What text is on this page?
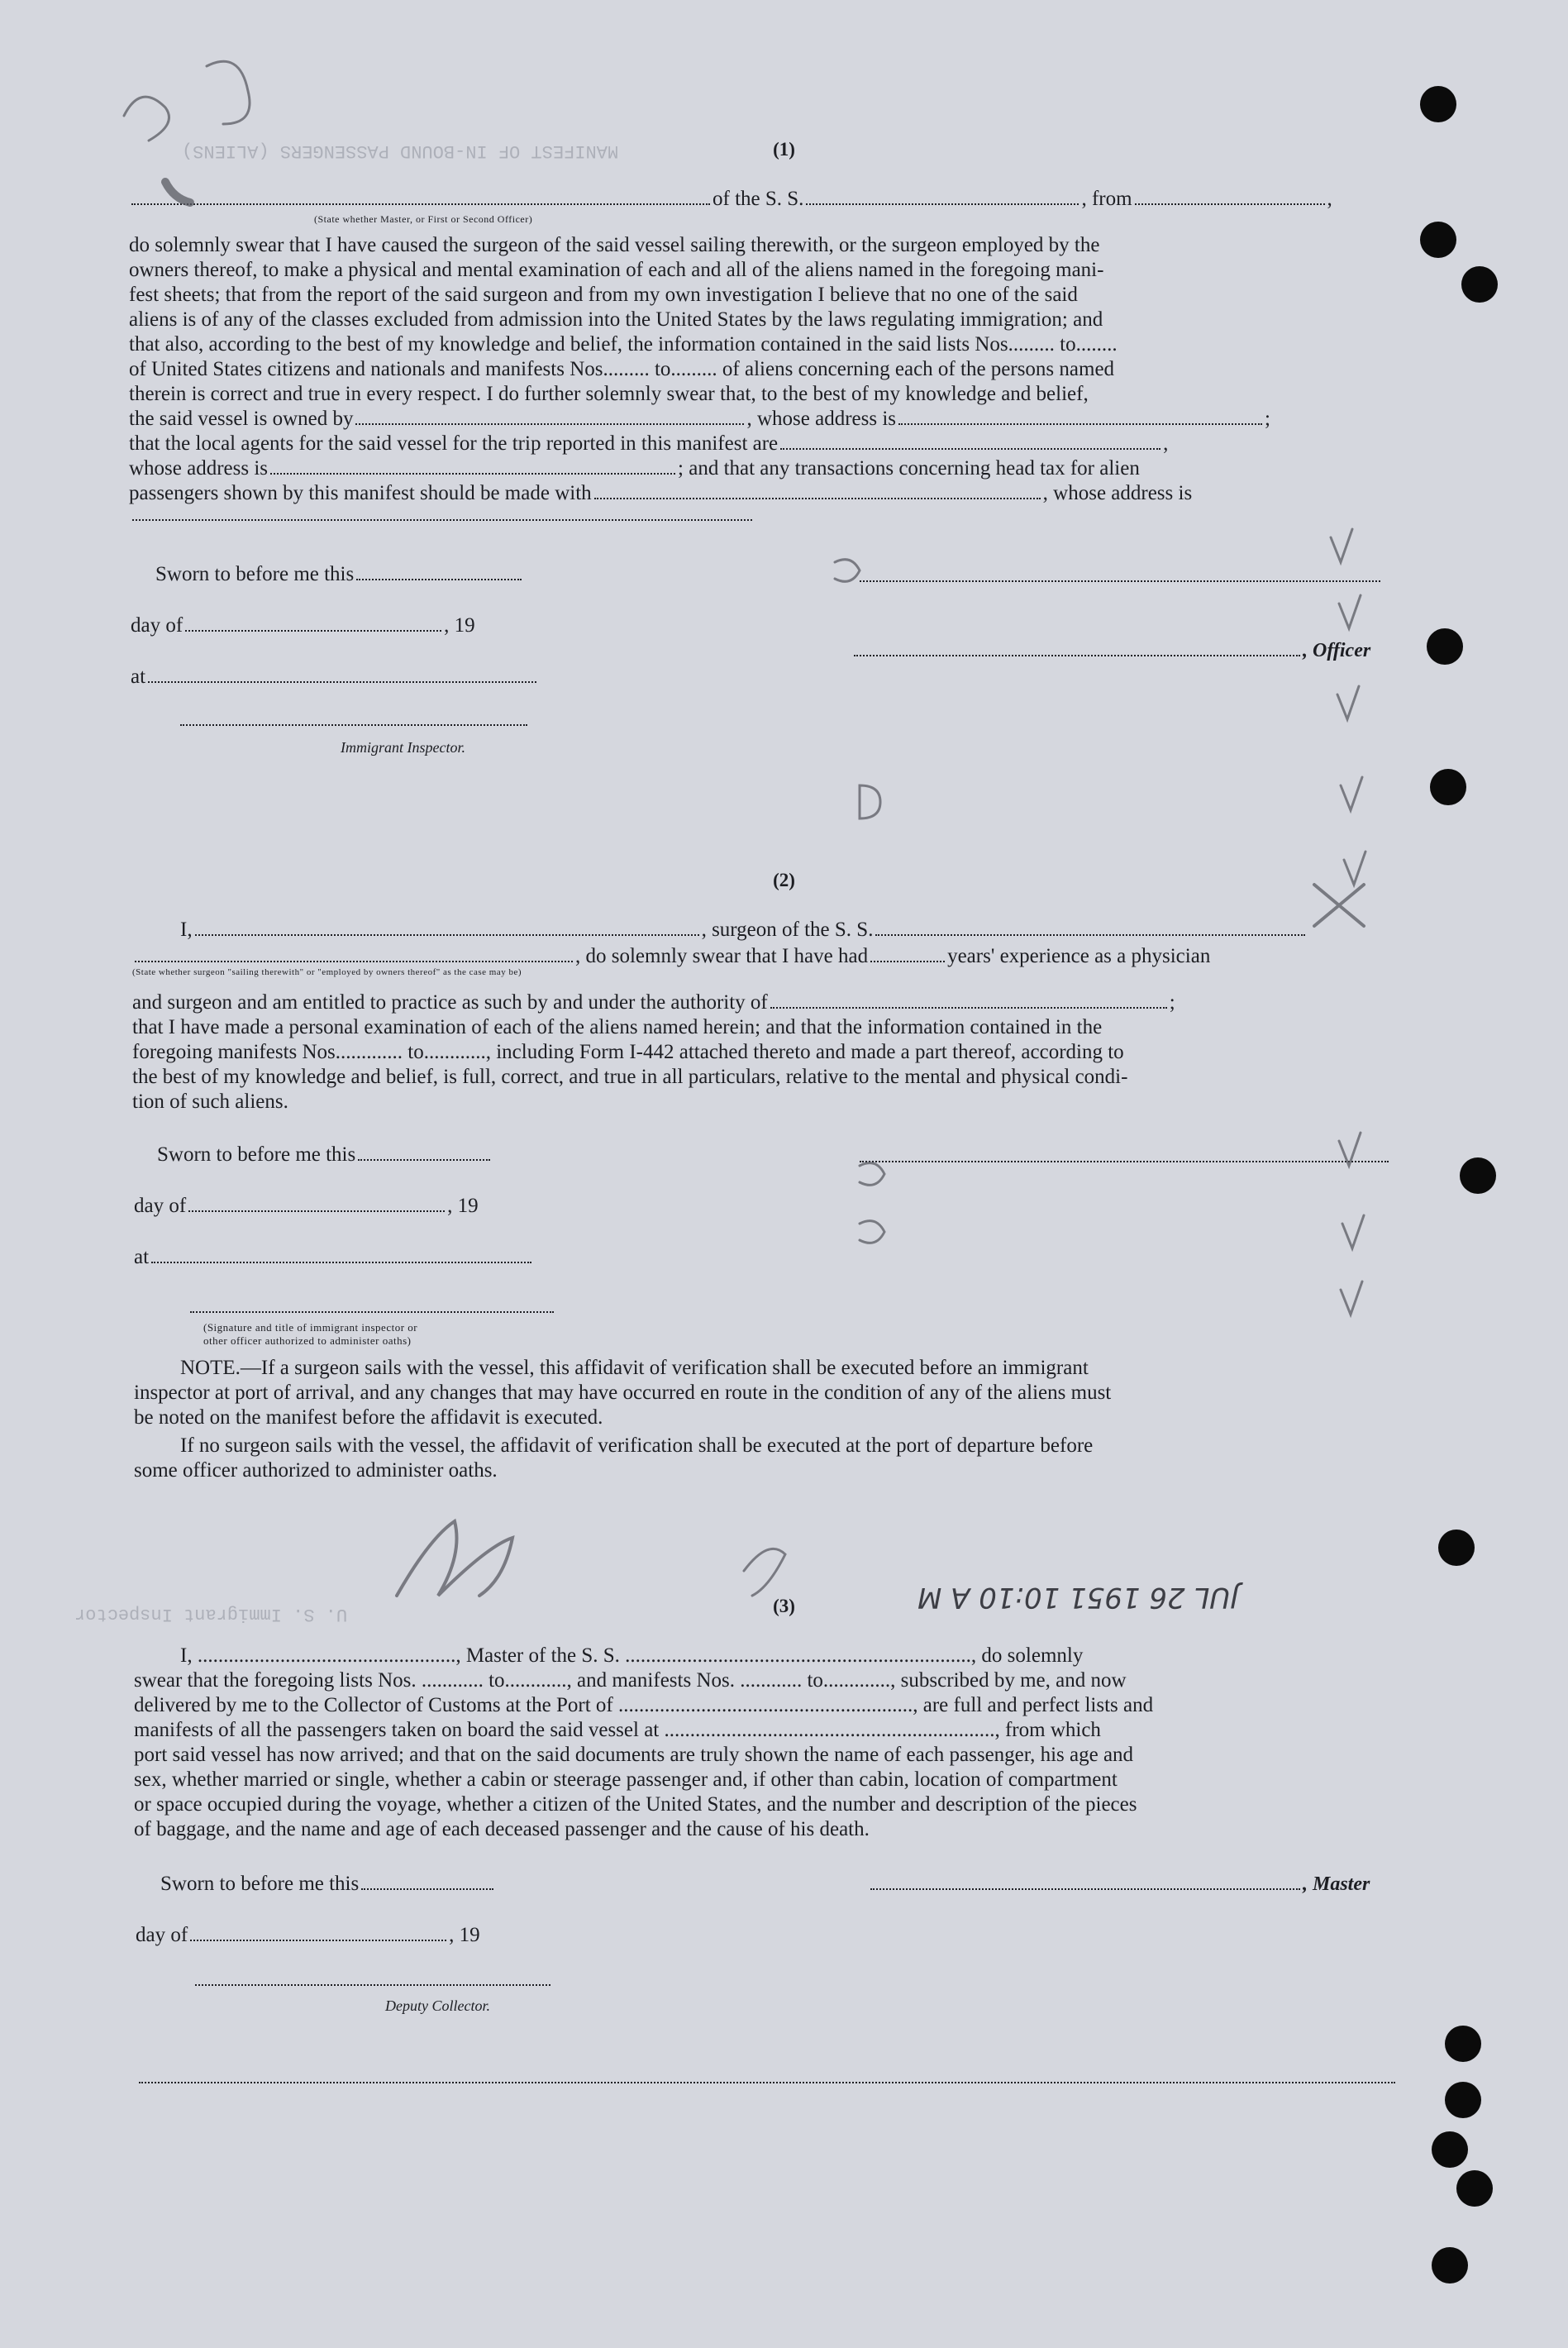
MANIFEST OF IN-BOUND PASSENGERS (ALIENS)
U. S. Immigrant Inspector
(1)
of the S. S.	, from	,
(State whether Master, or First or Second Officer)
do solemnly swear that I have caused the surgeon of the said vessel sailing therewith, or the surgeon employed by the
owners thereof, to make a physical and mental examination of each and all of the aliens named in the foregoing mani-
fest sheets; that from the report of the said surgeon and from my own investigation I believe that no one of the said
aliens is of any of the classes excluded from admission into the United States by the laws regulating immigration; and
that also, according to the best of my knowledge and belief, the information contained in the said lists Nos......... to........
of United States citizens and nationals and manifests Nos......... to......... of aliens concerning each of the persons named
therein is correct and true in every respect. I do further solemnly swear that, to the best of my knowledge and belief,
the said vessel is owned by	, whose address is	;
that the local agents for the said vessel for the trip reported in this manifest are	,
whose address is	; and that any transactions concerning head tax for alien
passengers shown by this manifest should be made with	, whose address is
Sworn to before me this
day of	, 19
, Officer
at
Immigrant Inspector.
(2)
I,	, surgeon of the S. S.
, do solemnly swear that I have had	years' experience as a physician
(State whether surgeon "sailing therewith" or "employed by owners thereof" as the case may be)
and surgeon and am entitled to practice as such by and under the authority of	;
that I have made a personal examination of each of the aliens named herein; and that the information contained in the
foregoing manifests Nos............. to............, including Form I-442 attached thereto and made a part thereof, according to
the best of my knowledge and belief, is full, correct, and true in all particulars, relative to the mental and physical condi-
tion of such aliens.
Sworn to before me this
day of	, 19
at
(Signature and title of immigrant inspector or
other officer authorized to administer oaths)
NOTE.—If a surgeon sails with the vessel, this affidavit of verification shall be executed before an immigrant
inspector at port of arrival, and any changes that may have occurred en route in the condition of any of the aliens must
be noted on the manifest before the affidavit is executed.
If no surgeon sails with the vessel, the affidavit of verification shall be executed at the port of departure before
some officer authorized to administer oaths.
(3)
I, .................................................., Master of the S. S. ..................................................................., do solemnly
swear that the foregoing lists Nos. ............ to............, and manifests Nos. ............ to............., subscribed by me, and now
delivered by me to the Collector of Customs at the Port of ........................................................., are full and perfect lists and
manifests of all the passengers taken on board the said vessel at ................................................................, from which
port said vessel has now arrived; and that on the said documents are truly shown the name of each passenger, his age and
sex, whether married or single, whether a cabin or steerage passenger and, if other than cabin, location of compartment
or space occupied during the voyage, whether a citizen of the United States, and the number and description of the pieces
of baggage, and the name and age of each deceased passenger and the cause of his death.
Sworn to before me this	, Master
day of	, 19
Deputy Collector.
JUL 26 1951 10:10 A M
